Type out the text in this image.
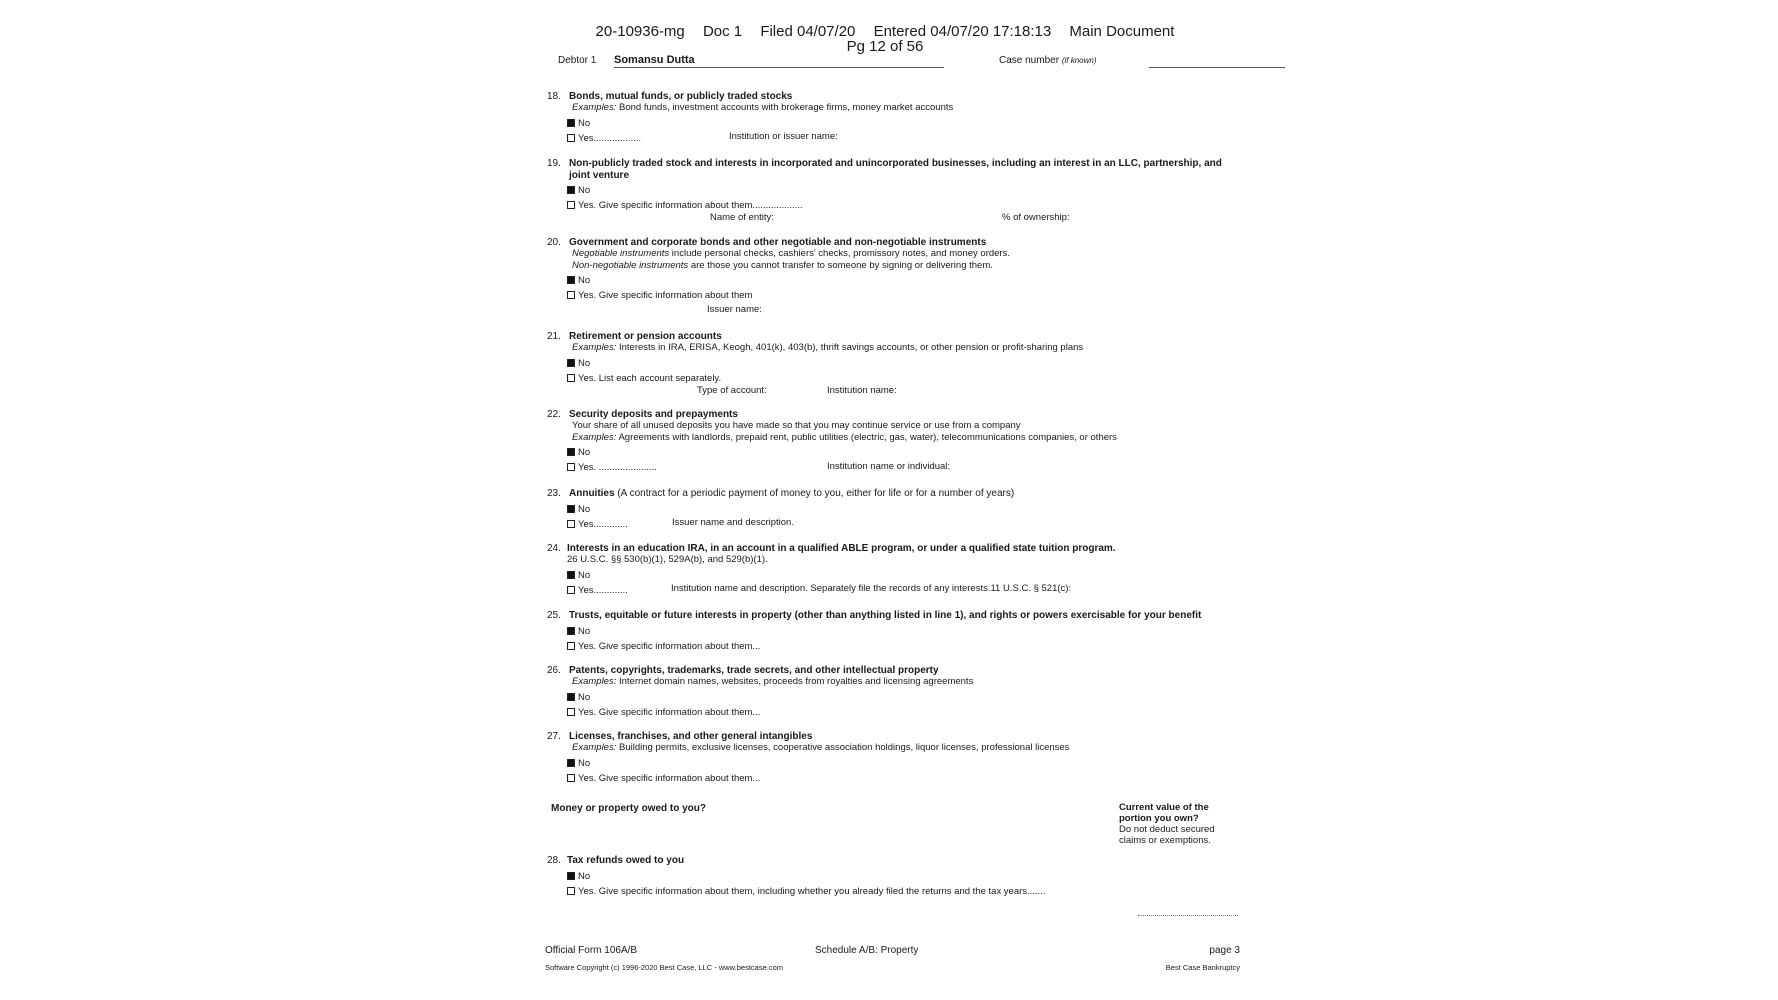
20-10936-mg Doc 1 Filed 04/07/20 Entered 04/07/20 17:18:13 Main Document
Pg 12 of 56
Debtor 1 Somansu Dutta	Case number (if known)
18. Bonds, mutual funds, or publicly traded stocks
Examples: Bond funds, investment accounts with brokerage firms, money market accounts
No
Yes..................	Institution or issuer name:
19. Non-publicly traded stock and interests in incorporated and unincorporated businesses, including an interest in an LLC, partnership, and joint venture
No
Yes. Give specific information about them...................
Name of entity:	% of ownership:
20. Government and corporate bonds and other negotiable and non-negotiable instruments
Negotiable instruments include personal checks, cashiers' checks, promissory notes, and money orders.
Non-negotiable instruments are those you cannot transfer to someone by signing or delivering them.
No
Yes. Give specific information about them
Issuer name:
21. Retirement or pension accounts
Examples: Interests in IRA, ERISA, Keogh, 401(k), 403(b), thrift savings accounts, or other pension or profit-sharing plans
No
Yes. List each account separately.
Type of account:	Institution name:
22. Security deposits and prepayments
Your share of all unused deposits you have made so that you may continue service or use from a company
Examples: Agreements with landlords, prepaid rent, public utilities (electric, gas, water), telecommunications companies, or others
No
Yes. ......................	Institution name or individual:
23. Annuities (A contract for a periodic payment of money to you, either for life or for a number of years)
No
Yes.............	Issuer name and description.
24. Interests in an education IRA, in an account in a qualified ABLE program, or under a qualified state tuition program.
26 U.S.C. §§ 530(b)(1), 529A(b), and 529(b)(1).
No
Yes.............	Institution name and description. Separately file the records of any interests.11 U.S.C. § 521(c):
25. Trusts, equitable or future interests in property (other than anything listed in line 1), and rights or powers exercisable for your benefit
No
Yes. Give specific information about them...
26. Patents, copyrights, trademarks, trade secrets, and other intellectual property
Examples: Internet domain names, websites, proceeds from royalties and licensing agreements
No
Yes. Give specific information about them...
27. Licenses, franchises, and other general intangibles
Examples: Building permits, exclusive licenses, cooperative association holdings, liquor licenses, professional licenses
No
Yes. Give specific information about them...
Money or property owed to you?	Current value of the portion you own?
Do not deduct secured claims or exemptions.
28. Tax refunds owed to you
No
Yes. Give specific information about them, including whether you already filed the returns and the tax years.......
Official Form 106A/B	Schedule A/B: Property	page 3
Software Copyright (c) 1996-2020 Best Case, LLC - www.bestcase.com	Best Case Bankruptcy
